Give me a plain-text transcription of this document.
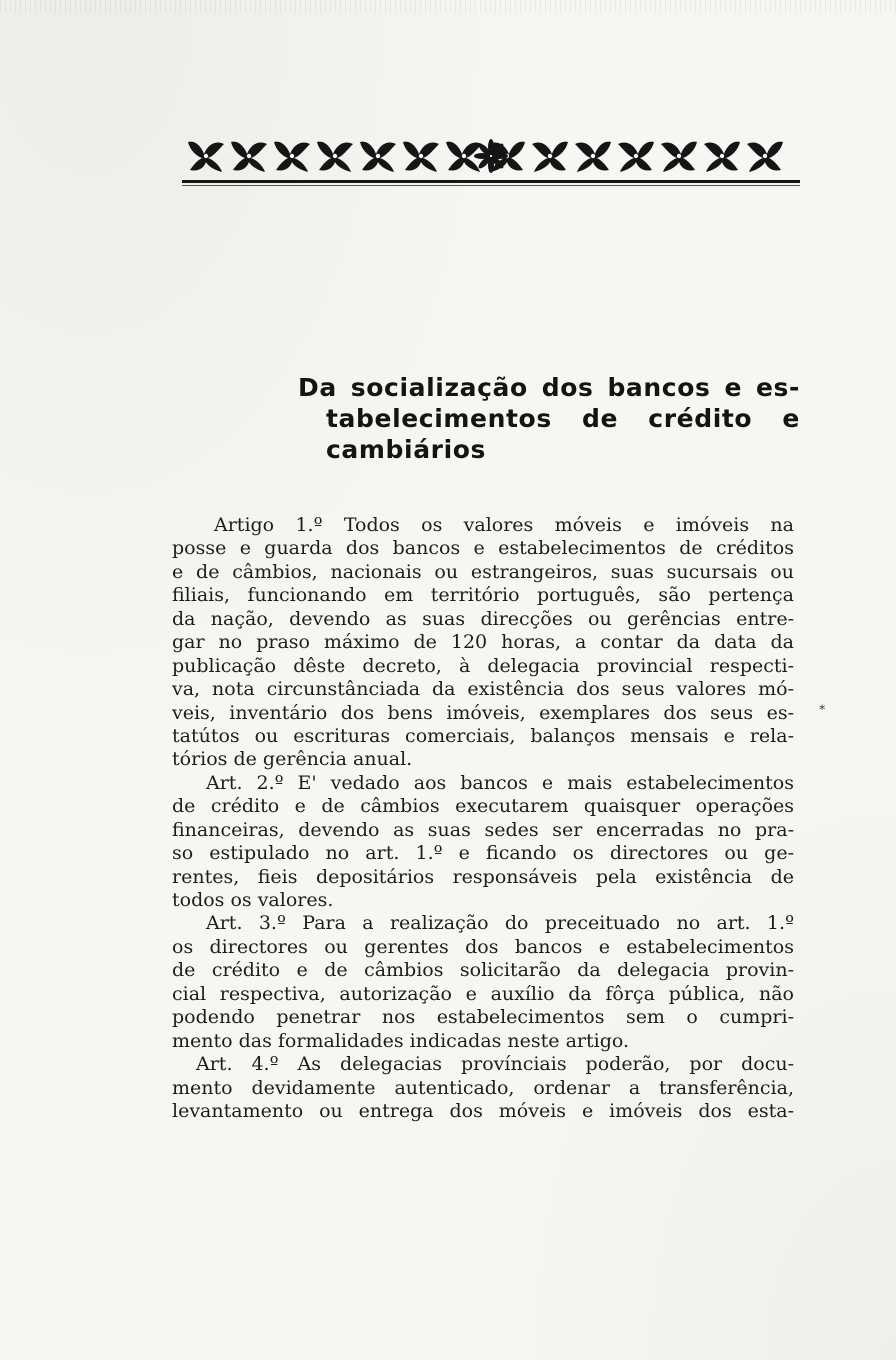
Da socialização dos bancos e es-
tabelecimentos de crédito e
cambiários
Artigo 1.º Todos os valores móveis e imóveis na
posse e guarda dos bancos e estabelecimentos de créditos
e de câmbios, nacionais ou estrangeiros, suas sucursais ou
filiais, funcionando em território português, são pertença
da nação, devendo as suas direcções ou gerências entre-
gar no praso máximo de 120 horas, a contar da data da
publicação dêste decreto, à delegacia provincial respecti-
va, nota circunstânciada da existência dos seus valores mó-
veis, inventário dos bens imóveis, exemplares dos seus es-
tatútos ou escrituras comerciais, balanços mensais e rela-
tórios de gerência anual.
Art. 2.º E' vedado aos bancos e mais estabelecimentos
de crédito e de câmbios executarem quaisquer operações
financeiras, devendo as suas sedes ser encerradas no pra-
so estipulado no art. 1.º e ficando os directores ou ge-
rentes, fieis depositários responsáveis pela existência de
todos os valores.
Art. 3.º Para a realização do preceituado no art. 1.º
os directores ou gerentes dos bancos e estabelecimentos
de crédito e de câmbios solicitarão da delegacia provin-
cial respectiva, autorização e auxílio da fôrça pública, não
podendo penetrar nos estabelecimentos sem o cumpri-
mento das formalidades indicadas neste artigo.
Art. 4.º As delegacias provínciais poderão, por docu-
mento devidamente autenticado, ordenar a transferência,
levantamento ou entrega dos móveis e imóveis dos esta-
∗
